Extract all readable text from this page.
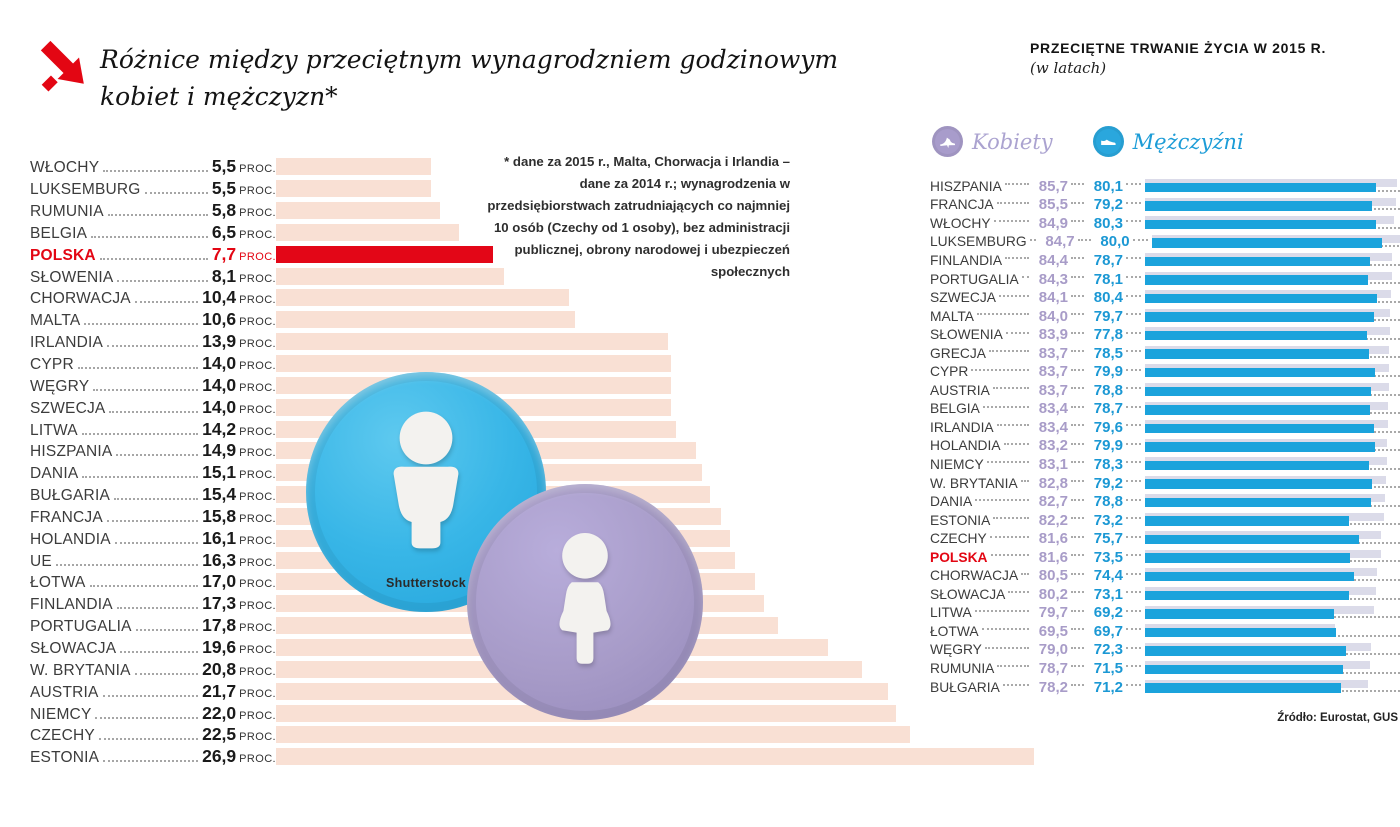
Różnice między przeciętnym wynagrodzniem godzinowym kobiet i mężczyzn*
* dane za 2015 r., Malta, Chorwacja i Irlandia – dane za 2014 r.; wynagrodzenia w przedsiębiorstwach zatrudniających co najmniej 10 osób (Czechy od 1 osoby), bez administracji publicznej, obrony narodowej i ubezpieczeń społecznych
WŁOCHY	5,5 PROC.
LUKSEMBURG	5,5 PROC.
RUMUNIA	5,8 PROC.
BELGIA	6,5 PROC.
POLSKA	7,7 PROC.
SŁOWENIA	8,1 PROC.
CHORWACJA	10,4 PROC.
MALTA	10,6 PROC.
IRLANDIA	13,9 PROC.
CYPR	14,0 PROC.
WĘGRY	14,0 PROC.
SZWECJA	14,0 PROC.
LITWA	14,2 PROC.
HISZPANIA	14,9 PROC.
DANIA	15,1 PROC.
BUŁGARIA	15,4 PROC.
FRANCJA	15,8 PROC.
HOLANDIA	16,1 PROC.
UE	16,3 PROC.
ŁOTWA	17,0 PROC.
FINLANDIA	17,3 PROC.
PORTUGALIA	17,8 PROC.
SŁOWACJA	19,6 PROC.
W. BRYTANIA	20,8 PROC.
AUSTRIA	21,7 PROC.
NIEMCY	22,0 PROC.
CZECHY	22,5 PROC.
ESTONIA	26,9 PROC.
Shutterstock
PRZECIĘTNE TRWANIE ŻYCIA W 2015 R.
(w latach)
Kobiety	Mężczyźni
HISZPANIA	85,7	80,1
FRANCJA	85,5	79,2
WŁOCHY	84,9	80,3
LUKSEMBURG	84,7	80,0
FINLANDIA	84,4	78,7
PORTUGALIA	84,3	78,1
SZWECJA	84,1	80,4
MALTA	84,0	79,7
SŁOWENIA	83,9	77,8
GRECJA	83,7	78,5
CYPR	83,7	79,9
AUSTRIA	83,7	78,8
BELGIA	83,4	78,7
IRLANDIA	83,4	79,6
HOLANDIA	83,2	79,9
NIEMCY	83,1	78,3
W. BRYTANIA	82,8	79,2
DANIA	82,7	78,8
ESTONIA	82,2	73,2
CZECHY	81,6	75,7
POLSKA	81,6	73,5
CHORWACJA	80,5	74,4
SŁOWACJA	80,2	73,1
LITWA	79,7	69,2
ŁOTWA	69,5	69,7
WĘGRY	79,0	72,3
RUMUNIA	78,7	71,5
BUŁGARIA	78,2	71,2
Źródło: Eurostat, GUS
